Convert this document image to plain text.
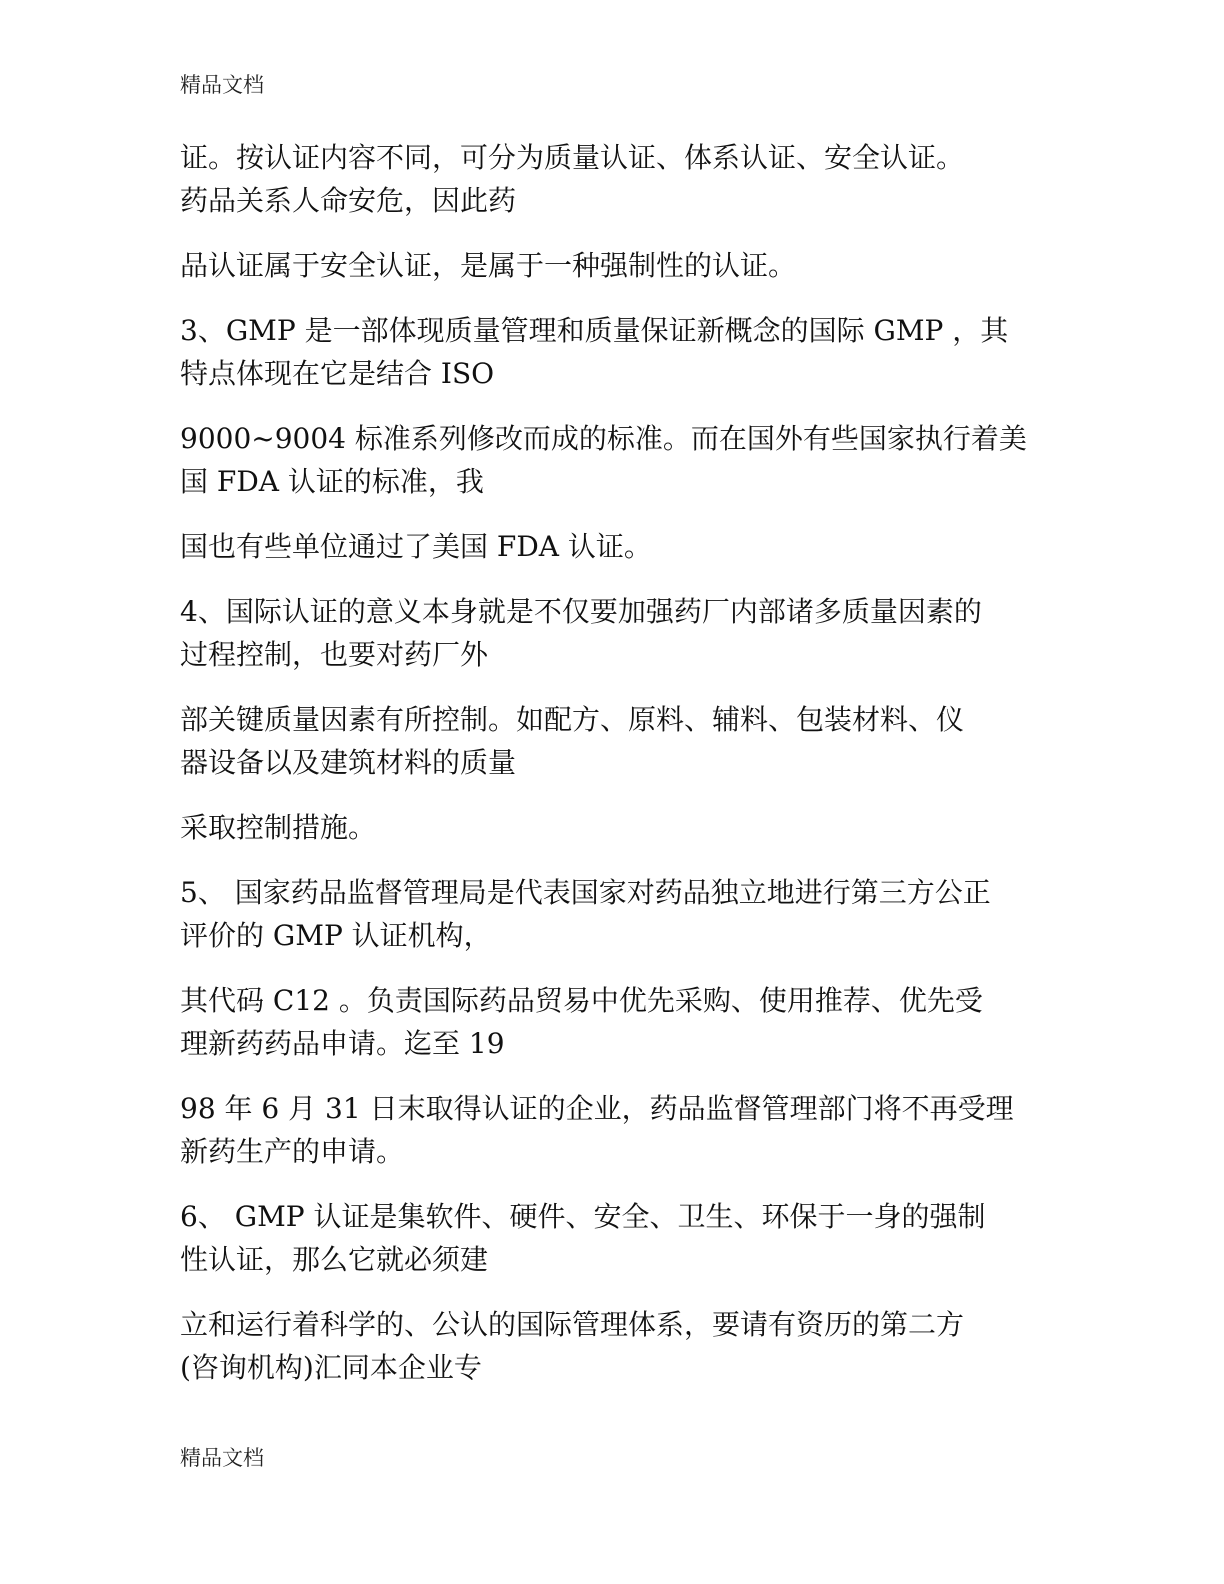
精品文档
证。按认证内容不同，可分为质量认证、体系认证、安全认证。
药品关系人命安危，因此药
品认证属于安全认证，是属于一种强制性的认证。
3、GMP 是一部体现质量管理和质量保证新概念的国际 GMP ，其
特点体现在它是结合 ISO
9000~9004 标准系列修改而成的标准。而在国外有些国家执行着美
国 FDA 认证的标准，我
国也有些单位通过了美国 FDA 认证。
4、国际认证的意义本身就是不仅要加强药厂内部诸多质量因素的
过程控制，也要对药厂外
部关键质量因素有所控制。如配方、原料、辅料、包装材料、仪
器设备以及建筑材料的质量
采取控制措施。
5、 国家药品监督管理局是代表国家对药品独立地进行第三方公正
评价的 GMP 认证机构，
其代码 C12 。负责国际药品贸易中优先采购、使用推荐、优先受
理新药药品申请。迄至 19
98 年 6 月 31 日末取得认证的企业，药品监督管理部门将不再受理
新药生产的申请。
6、 GMP 认证是集软件、硬件、安全、卫生、环保于一身的强制
性认证，那么它就必须建
立和运行着科学的、公认的国际管理体系，要请有资历的第二方
(咨询机构)汇同本企业专
精品文档
